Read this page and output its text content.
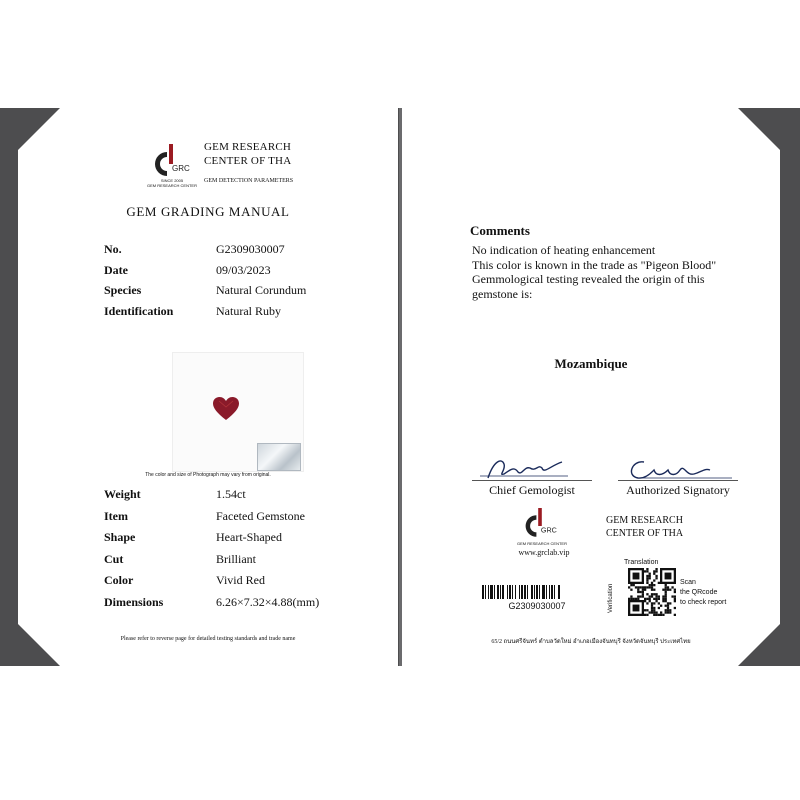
GRC
SINCE 2005
GEM RESEARCH CENTER
GEM RESEARCH
CENTER OF THA
GEM DETECTION PARAMETERS
GEM GRADING MANUAL
No.	G2309030007
Date	09/03/2023
Species	Natural Corundum
Identification	Natural Ruby
The color and size of Photograph may vary from original.
Weight	1.54ct
Item	Faceted Gemstone
Shape	Heart-Shaped
Cut	Brilliant
Color	Vivid Red
Dimensions	6.26×7.32×4.88(mm)
Please refer to reverse page for detailed testing standards and trade name
Comments
No indication of heating enhancement
This color is known in the trade as "Pigeon Blood"
Gemmological testing revealed the origin of this
gemstone is:
Mozambique
Chief Gemologist	Authorized Signatory
GRC
GEM RESEARCH CENTER
www.grclab.vip
GEM RESEARCH
CENTER OF THA
G2309030007
Translation
Verification
Scan
the QRcode
to check report
65/2 ถนนศรีจันทร์ ตำบลวัดใหม่ อำเภอเมืองจันทบุรี จังหวัดจันทบุรี ประเทศไทย
